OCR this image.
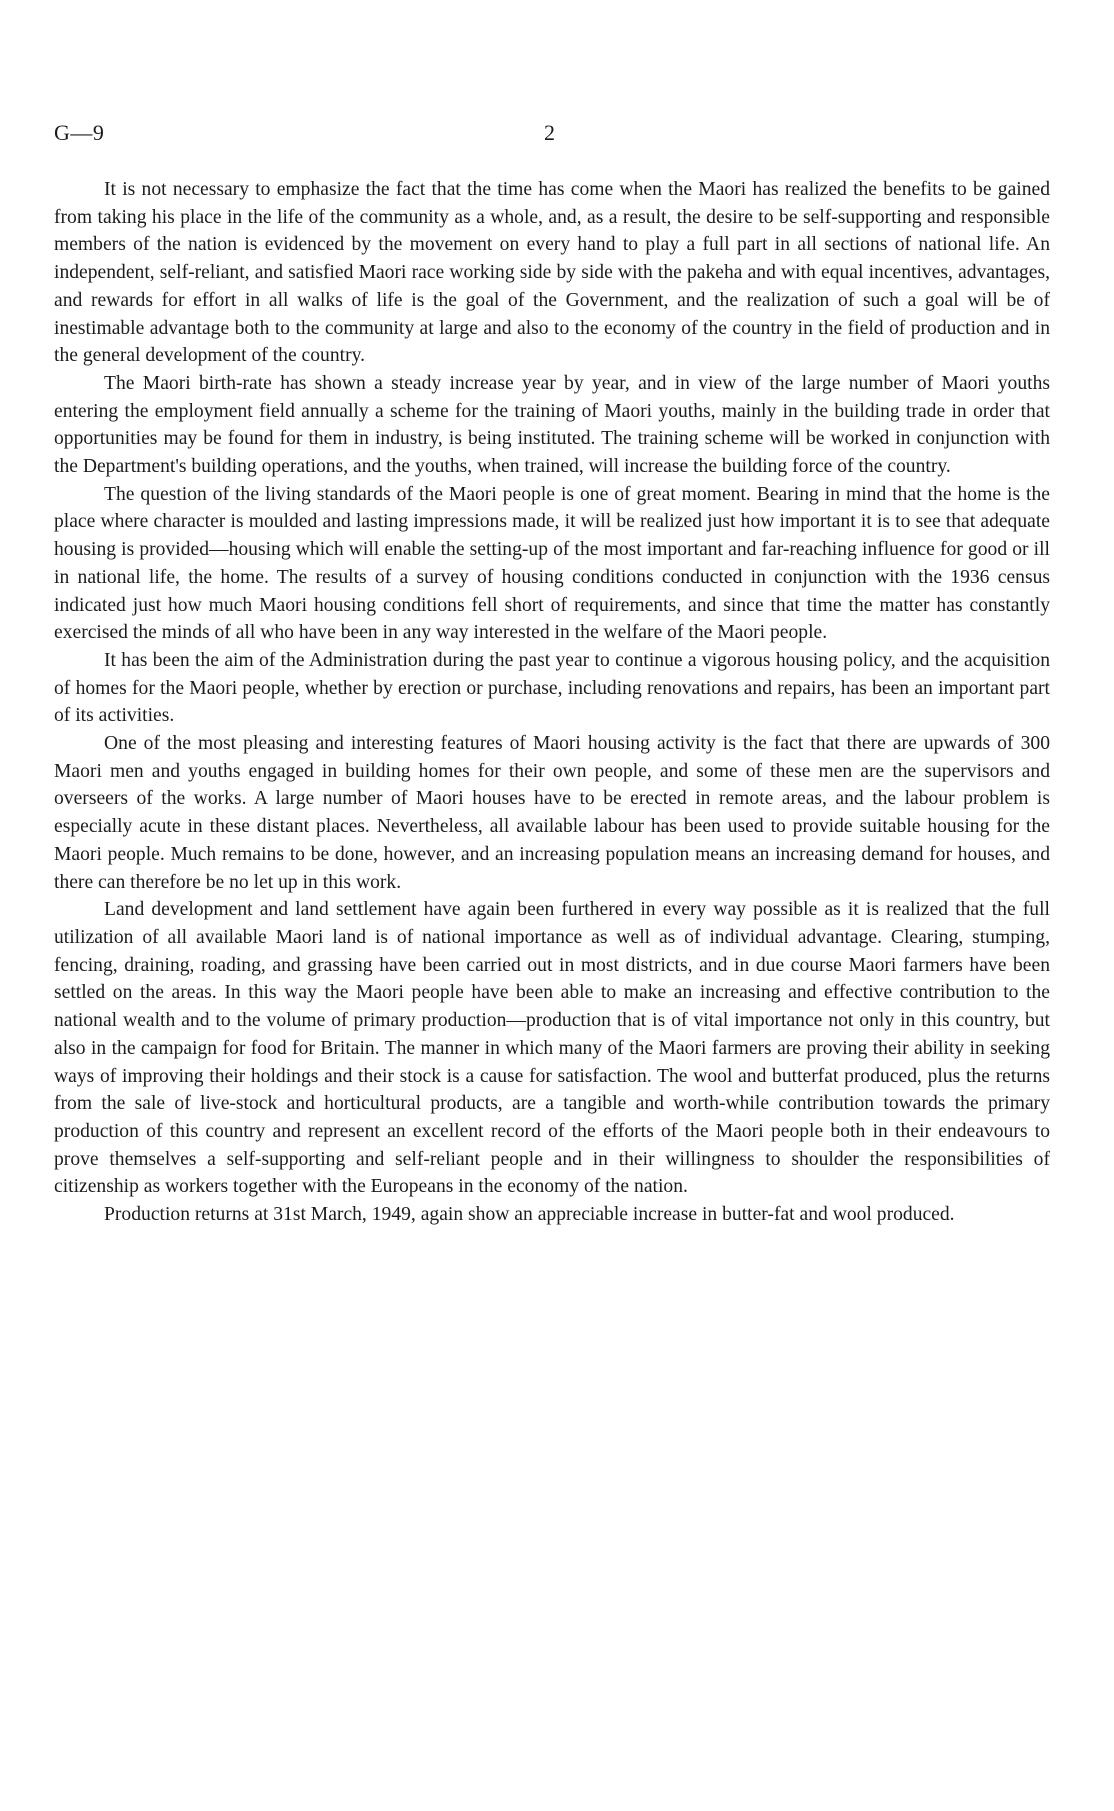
G—9	2

It is not necessary to emphasize the fact that the time has come when the Maori has realized the benefits to be gained from taking his place in the life of the community as a whole, and, as a result, the desire to be self-supporting and responsible members of the nation is evidenced by the movement on every hand to play a full part in all sections of national life. An independent, self-reliant, and satisfied Maori race working side by side with the pakeha and with equal incentives, advantages, and rewards for effort in all walks of life is the goal of the Government, and the realization of such a goal will be of inestimable advantage both to the community at large and also to the economy of the country in the field of production and in the general development of the country.

The Maori birth-rate has shown a steady increase year by year, and in view of the large number of Maori youths entering the employment field annually a scheme for the training of Maori youths, mainly in the building trade in order that opportunities may be found for them in industry, is being instituted. The training scheme will be worked in conjunction with the Department's building operations, and the youths, when trained, will increase the building force of the country.

The question of the living standards of the Maori people is one of great moment. Bearing in mind that the home is the place where character is moulded and lasting impressions made, it will be realized just how important it is to see that adequate housing is provided—housing which will enable the setting-up of the most important and far-reaching influence for good or ill in national life, the home. The results of a survey of housing conditions conducted in conjunction with the 1936 census indicated just how much Maori housing conditions fell short of requirements, and since that time the matter has constantly exercised the minds of all who have been in any way interested in the welfare of the Maori people.

It has been the aim of the Administration during the past year to continue a vigorous housing policy, and the acquisition of homes for the Maori people, whether by erection or purchase, including renovations and repairs, has been an important part of its activities.

One of the most pleasing and interesting features of Maori housing activity is the fact that there are upwards of 300 Maori men and youths engaged in building homes for their own people, and some of these men are the supervisors and overseers of the works. A large number of Maori houses have to be erected in remote areas, and the labour problem is especially acute in these distant places. Nevertheless, all available labour has been used to provide suitable housing for the Maori people. Much remains to be done, however, and an increasing population means an increasing demand for houses, and there can therefore be no let up in this work.

Land development and land settlement have again been furthered in every way possible as it is realized that the full utilization of all available Maori land is of national importance as well as of individual advantage. Clearing, stumping, fencing, draining, roading, and grassing have been carried out in most districts, and in due course Maori farmers have been settled on the areas. In this way the Maori people have been able to make an increasing and effective contribution to the national wealth and to the volume of primary production—production that is of vital importance not only in this country, but also in the campaign for food for Britain. The manner in which many of the Maori farmers are proving their ability in seeking ways of improving their holdings and their stock is a cause for satisfaction. The wool and butterfat produced, plus the returns from the sale of live-stock and horticultural products, are a tangible and worth-while contribution towards the primary production of this country and represent an excellent record of the efforts of the Maori people both in their endeavours to prove themselves a self-supporting and self-reliant people and in their willingness to shoulder the responsibilities of citizenship as workers together with the Europeans in the economy of the nation.

Production returns at 31st March, 1949, again show an appreciable increase in butter-fat and wool produced.
